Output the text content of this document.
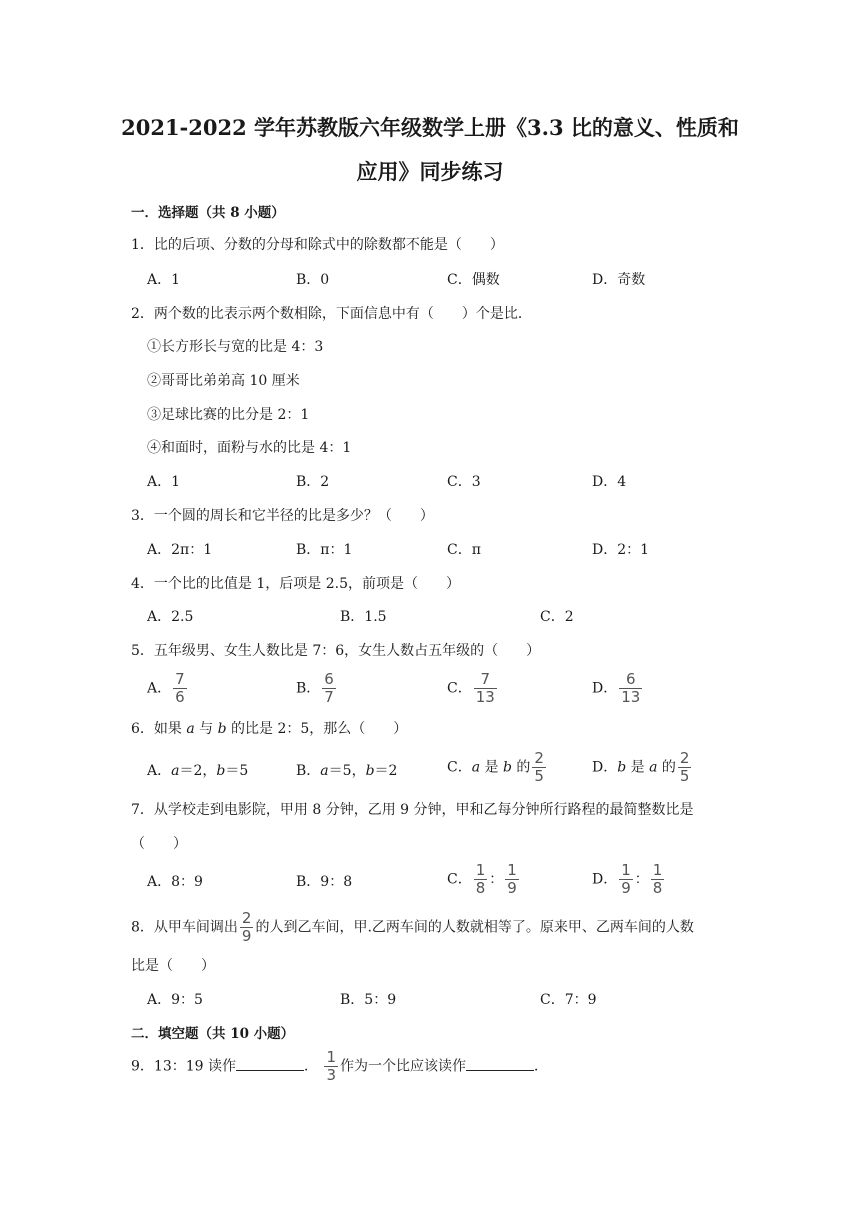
2021-2022 学年苏教版六年级数学上册《3.3 比的意义、性质和
应用》同步练习
一．选择题（共 8 小题）
1．比的后项、分数的分母和除式中的除数都不能是（　　）
A．1	B．0	C．偶数	D．奇数
2．两个数的比表示两个数相除，下面信息中有（　　）个是比．
①长方形长与宽的比是 4：3
②哥哥比弟弟高 10 厘米
③足球比赛的比分是 2：1
④和面时，面粉与水的比是 4：1
A．1	B．2	C．3	D．4
3．一个圆的周长和它半径的比是多少？（　　）
A．2π：1	B．π：1	C．π	D．2：1
4．一个比的比值是 1，后项是 2.5，前项是（　　）
A．2.5	B．1.5	C．2
5．五年级男、女生人数比是 7：6，女生人数占五年级的（　　）
A． $\frac{7}{6}$	B． $\frac{6}{7}$	C． $\frac{7}{13}$	D． $\frac{6}{13}$
6．如果 a 与 b 的比是 2：5，那么（　　）
A．a＝2，b＝5	B．a＝5，b＝2	C．a 是 b 的 $\frac{2}{5}$	D．b 是 a 的 $\frac{2}{5}$
7．从学校走到电影院，甲用 8 分钟，乙用 9 分钟，甲和乙每分钟所行路程的最简整数比是
（　　）
A．8：9	B．9：8	C． $\frac{1}{8}$ ： $\frac{1}{9}$	D． $\frac{1}{9}$ ： $\frac{1}{8}$
8．从甲车间调出 $\frac{2}{9}$ 的人到乙车间，甲.乙两车间的人数就相等了。原来甲、乙两车间的人数
比是（　　）
A．9：5	B．5：9	C．7：9
二．填空题（共 10 小题）
9．13：19 读作	． $\frac{1}{3}$ 作为一个比应该读作	．
